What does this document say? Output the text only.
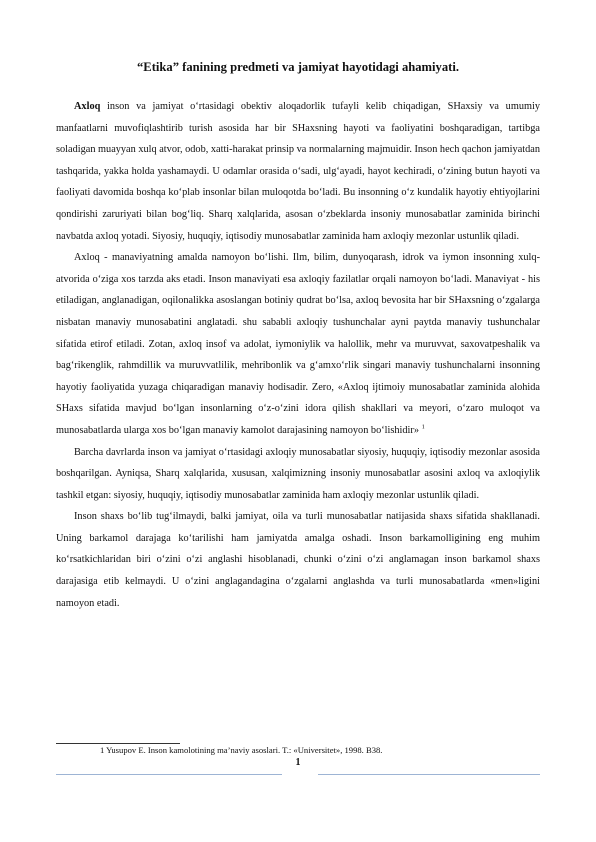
“Etika” fanining predmeti va jamiyat hayotidagi ahamiyati.

Axloq inson va jamiyat o‘rtasidagi obektiv aloqadorlik tufayli kelib chiqadigan, SHaxsiy va umumiy manfaatlarni muvofiqlashtirib turish asosida har bir SHaxsning hayoti va faoliyatini boshqaradigan, tartibga soladigan muayyan xulq atvor, odob, xatti-harakat prinsip va normalarning majmuidir. Inson hech qachon jamiyatdan tashqarida, yakka holda yashamaydi. U odamlar orasida o‘sadi, ulg‘ayadi, hayot kechiradi, o‘zining butun hayoti va faoliyati davomida boshqa ko‘plab insonlar bilan muloqotda bo‘ladi. Bu insonning o‘z kundalik hayotiy ehtiyojlarini qondirishi zaruriyati bilan bog‘liq. Sharq xalqlarida, asosan o‘zbeklarda insoniy munosabatlar zaminida birinchi navbatda axloq yotadi. Siyosiy, huquqiy, iqtisodiy munosabatlar zaminida ham axloqiy mezonlar ustunlik qiladi.

Axloq - manaviyatning amalda namoyon bo‘lishi. Ilm, bilim, dunyoqarash, idrok va iymon insonning xulq-atvorida o‘ziga xos tarzda aks etadi. Inson manaviyati esa axloqiy fazilatlar orqali namoyon bo‘ladi. Manaviyat - his etiladigan, anglanadigan, oqilonalikka asoslangan botiniy qudrat bo‘lsa, axloq bevosita har bir SHaxsning o‘zgalarga nisbatan manaviy munosabatini anglatadi. shu sababli axloqiy tushunchalar ayni paytda manaviy tushunchalar sifatida etirof etiladi. Zotan, axloq insof va adolat, iymoniylik va halollik, mehr va muruvvat, saxovatpeshalik va bag‘rikenglik, rahmdillik va muruvvatlilik, mehribonlik va g‘amxo‘rlik singari manaviy tushunchalarni insonning hayotiy faoliyatida yuzaga chiqaradigan manaviy hodisadir. Zero, «Axloq ijtimoiy munosabatlar zaminida alohida SHaxs sifatida mavjud bo‘lgan insonlarning o‘z-o‘zini idora qilish shakllari va meyori, o‘zaro muloqot va munosabatlarda ularga xos bo‘lgan manaviy kamolot darajasining namoyon bo‘lishidir» $^1$

Barcha davrlarda inson va jamiyat o‘rtasidagi axloqiy munosabatlar siyosiy, huquqiy, iqtisodiy mezonlar asosida boshqarilgan. Ayniqsa, Sharq xalqlarida, xususan, xalqimizning insoniy munosabatlar asosini axloq va axloqiylik tashkil etgan: siyosiy, huquqiy, iqtisodiy munosabatlar zaminida ham axloqiy mezonlar ustunlik qiladi.

Inson shaxs bo‘lib tug‘ilmaydi, balki jamiyat, oila va turli munosabatlar natijasida shaxs sifatida shakllanadi. Uning barkamol darajaga ko‘tarilishi ham jamiyatda amalga oshadi. Inson barkamolligining eng muhim ko‘rsatkichlaridan biri o‘zini o‘zi anglashi hisoblanadi, chunki o‘zini o‘zi anglamagan inson barkamol shaxs darajasiga etib kelmaydi. U o‘zini anglagandagina o‘zgalarni anglashda va turli munosabatlarda «men»ligini namoyon etadi.

1 Yusupov E. Inson kamolotining ma’naviy asoslari. T.: «Universitet», 1998. B38.
1
